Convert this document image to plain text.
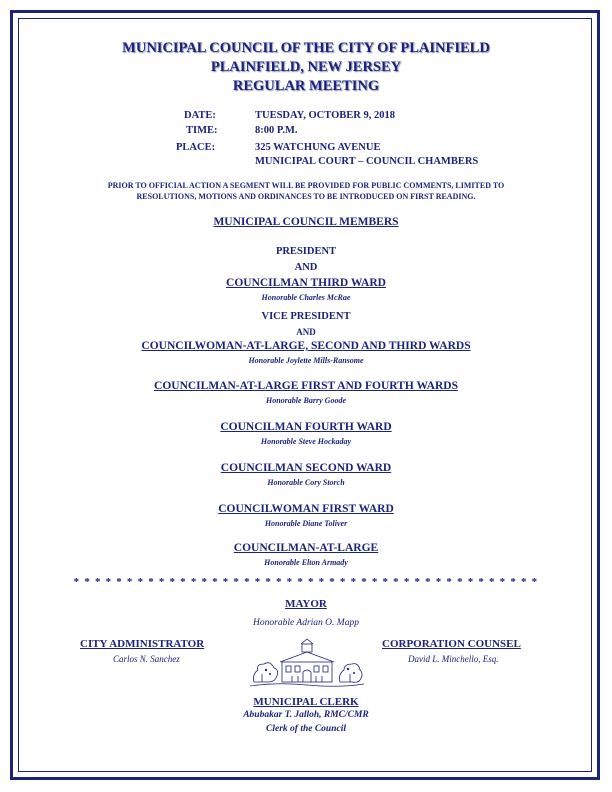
MUNICIPAL COUNCIL OF THE CITY OF PLAINFIELD
PLAINFIELD, NEW JERSEY
REGULAR MEETING
DATE:	TUESDAY, OCTOBER 9, 2018
TIME:	8:00 P.M.
PLACE:	325 WATCHUNG AVENUE
MUNICIPAL COURT – COUNCIL CHAMBERS
PRIOR TO OFFICIAL ACTION A SEGMENT WILL BE PROVIDED FOR PUBLIC COMMENTS, LIMITED TO
RESOLUTIONS, MOTIONS AND ORDINANCES TO BE INTRODUCED ON FIRST READING.
MUNICIPAL COUNCIL MEMBERS
PRESIDENT
AND
COUNCILMAN THIRD WARD
Honorable Charles McRae
VICE PRESIDENT
AND
COUNCILWOMAN-AT-LARGE, SECOND AND THIRD WARDS
Honorable Joylette Mills-Ransome
COUNCILMAN-AT-LARGE FIRST AND FOURTH WARDS
Honorable Barry Goode
COUNCILMAN FOURTH WARD
Honorable Steve Hockaday
COUNCILMAN SECOND WARD
Honorable Cory Storch
COUNCILWOMAN FIRST WARD
Honorable Diane Toliver
COUNCILMAN-AT-LARGE
Honorable Elton Armady
* * * * * * * * * * * * * * * * * * * * * * * * * * * * * * * * * * * * * * * * * * * *
MAYOR
Honorable Adrian O. Mapp
CITY ADMINISTRATOR
Carlos N. Sanchez
CORPORATION COUNSEL
David L. Minchello, Esq.
MUNICIPAL CLERK
Abubakar T. Jalloh, RMC/CMR
Clerk of the Council
